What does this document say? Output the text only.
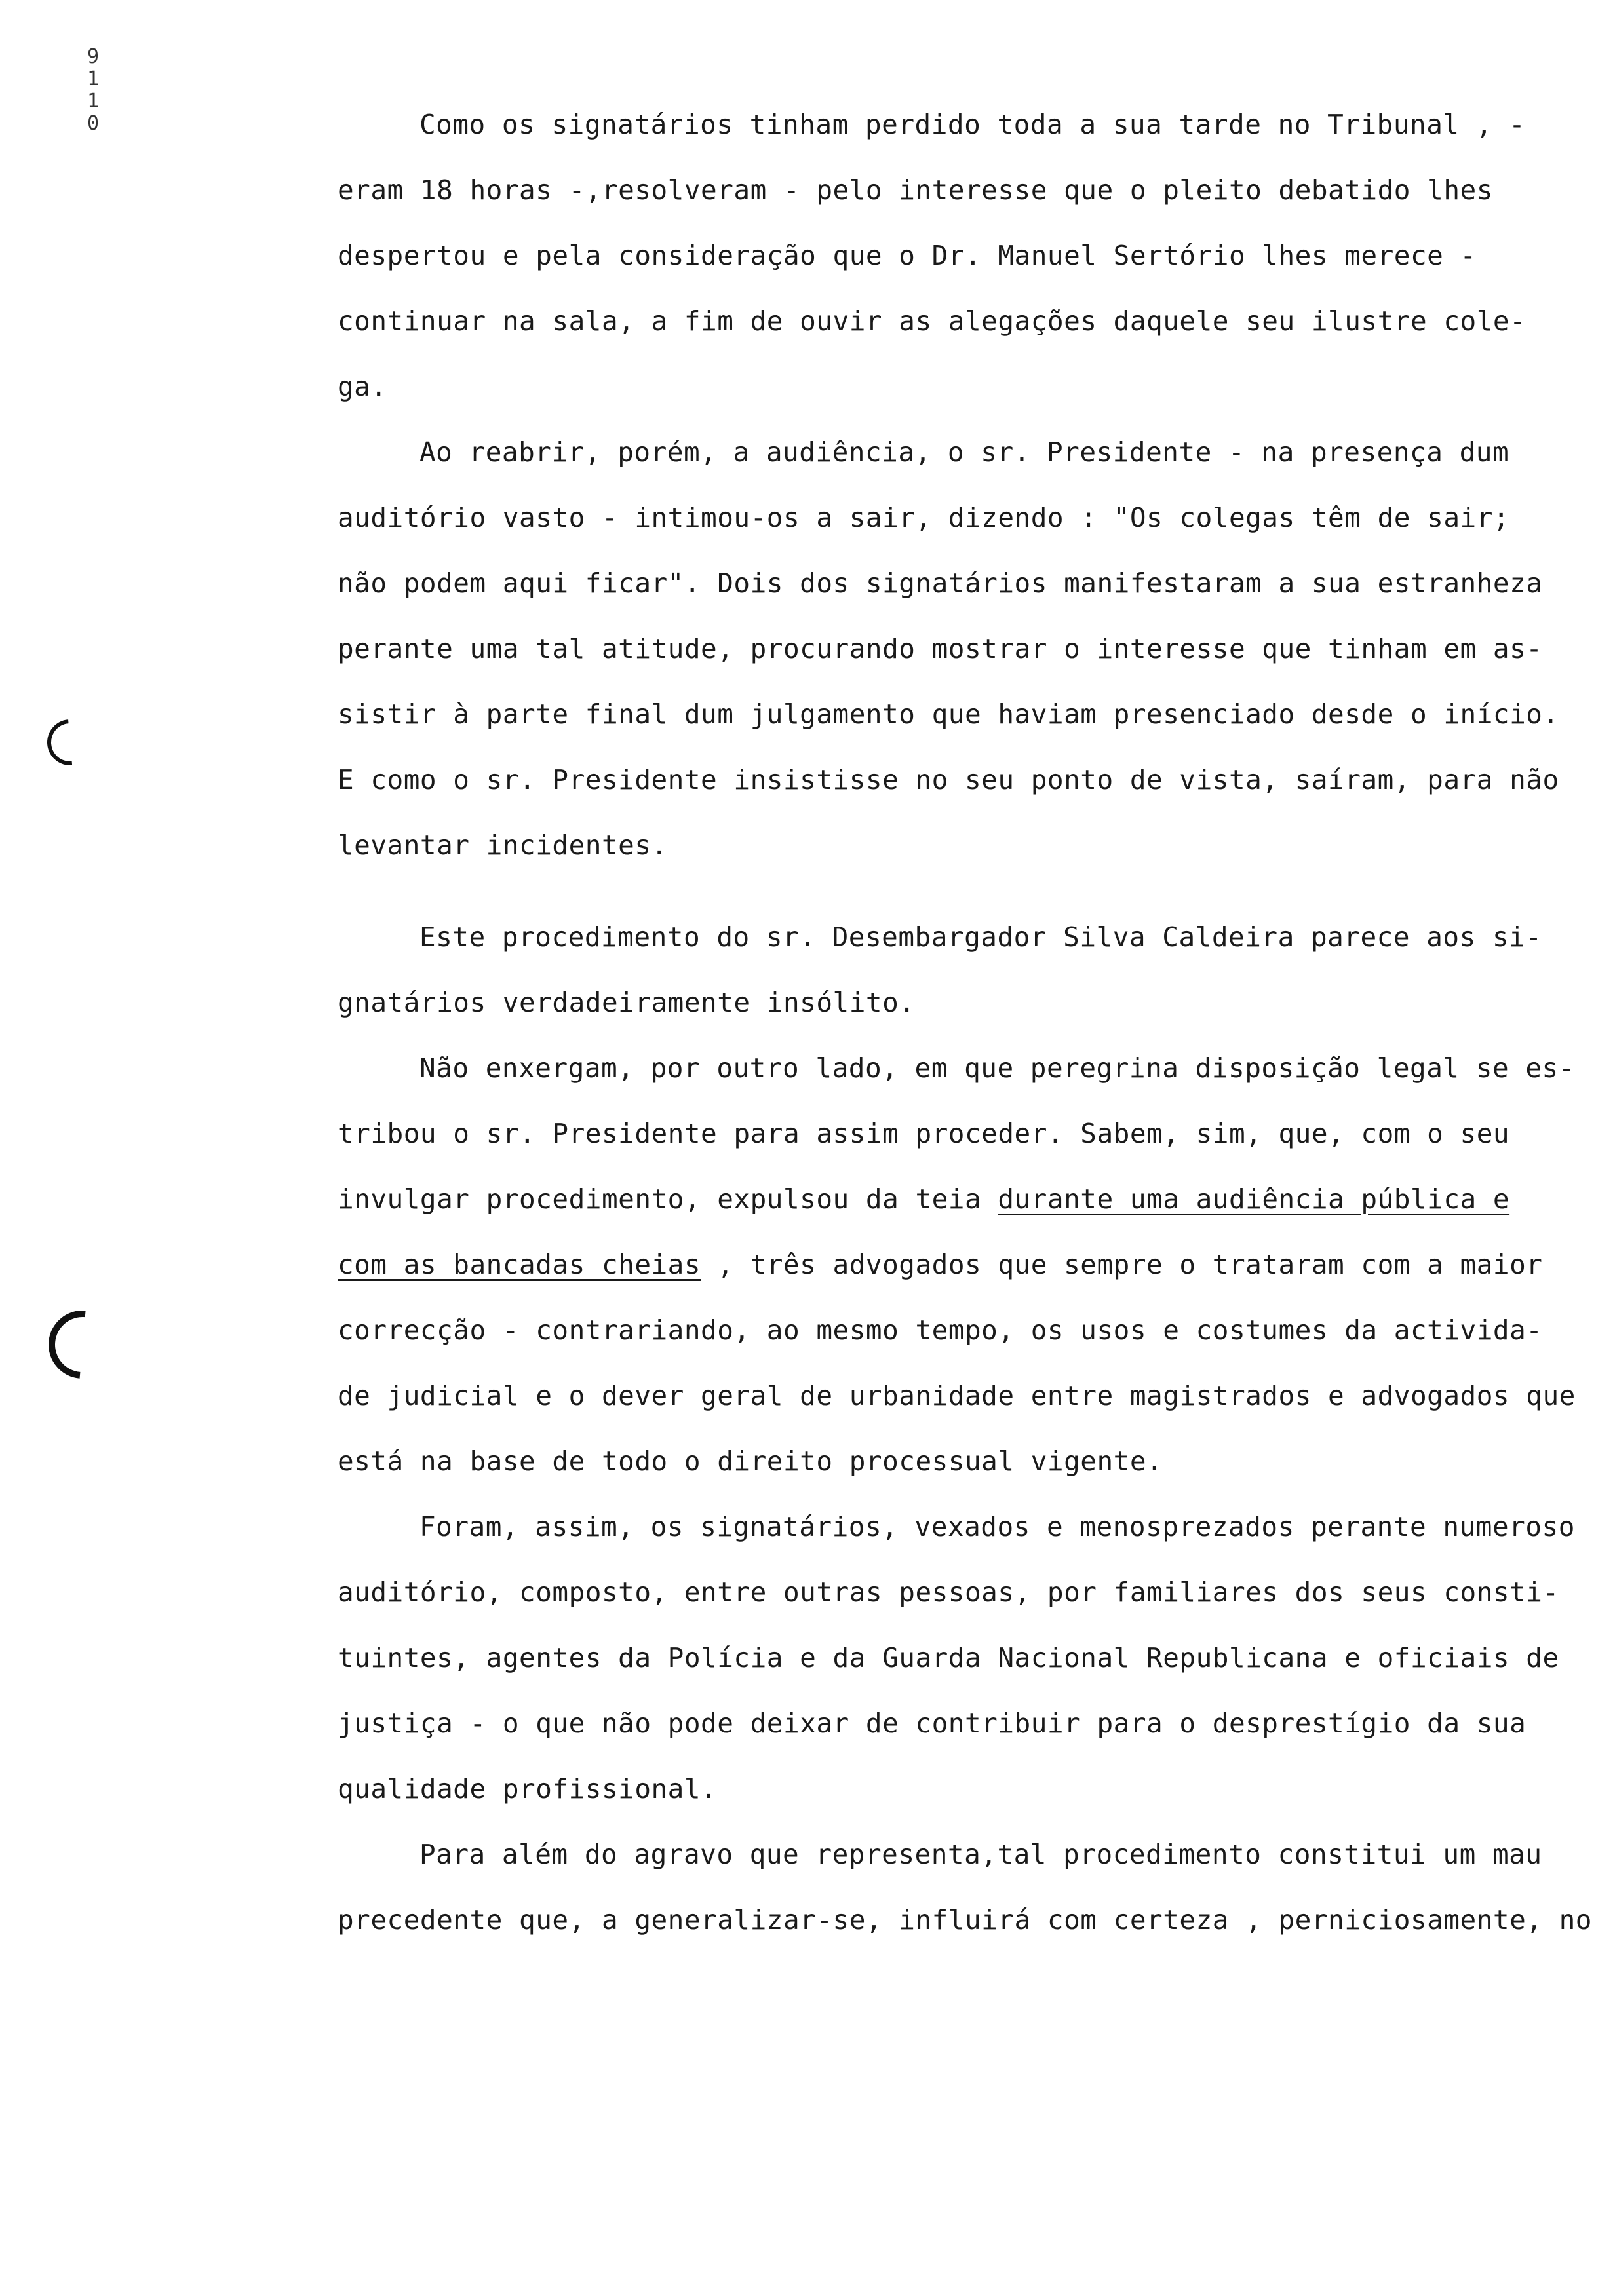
9
1
1
0	Como os signatários tinham perdido toda a sua tarde no Tribunal , -
eram 18 horas -,resolveram - pelo interesse que o pleito debatido lhes
despertou e pela consideração que o Dr. Manuel Sertório lhes merece -
continuar na sala, a fim de ouvir as alegações daquele seu ilustre cole-
ga.
Ao reabrir, porém, a audiência, o sr. Presidente - na presença dum
auditório vasto - intimou-os a sair, dizendo : "Os colegas têm de sair;
não podem aqui ficar". Dois dos signatários manifestaram a sua estranheza
perante uma tal atitude, procurando mostrar o interesse que tinham em as-
sistir à parte final dum julgamento que haviam presenciado desde o início.
E como o sr. Presidente insistisse no seu ponto de vista, saíram, para não
levantar incidentes.
Este procedimento do sr. Desembargador Silva Caldeira parece aos si-
gnatários verdadeiramente insólito.
Não enxergam, por outro lado, em que peregrina disposição legal se es-
tribou o sr. Presidente para assim proceder. Sabem, sim, que, com o seu
invulgar procedimento, expulsou da teia durante uma audiência pública e
com as bancadas cheias , três advogados que sempre o trataram com a maior
correcção - contrariando, ao mesmo tempo, os usos e costumes da activida-
de judicial e o dever geral de urbanidade entre magistrados e advogados que
está na base de todo o direito processual vigente.
Foram, assim, os signatários, vexados e menosprezados perante numeroso
auditório, composto, entre outras pessoas, por familiares dos seus consti-
tuintes, agentes da Polícia e da Guarda Nacional Republicana e oficiais de
justiça - o que não pode deixar de contribuir para o desprestígio da sua
qualidade profissional.
Para além do agravo que representa,tal procedimento constitui um mau
precedente que, a generalizar-se, influirá com certeza , perniciosamente, no
